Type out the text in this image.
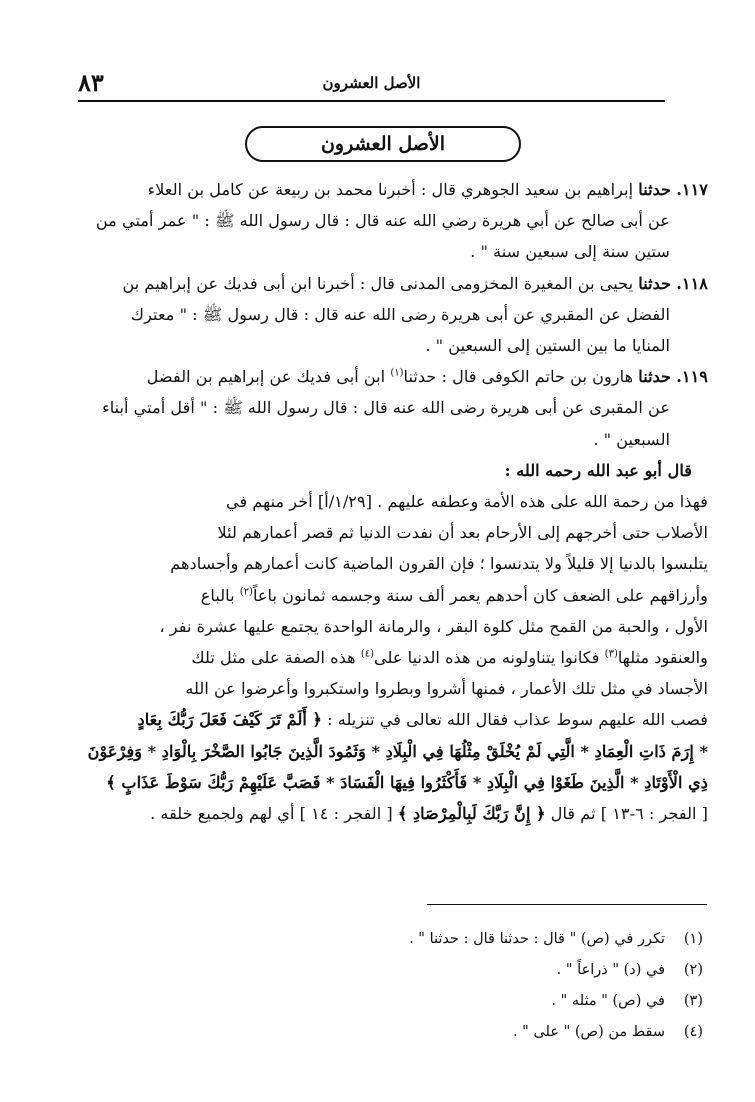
٨٣	الأصل العشرون
الأصل العشرون
١١٧. حدثنا إبراهيم بن سعيد الجوهري قال : أخبرنا محمد بن ربيعة عن كامل بن العلاء
عن أبى صالح عن أبي هريرة رضي الله عنه قال : قال رسول الله ﷺ : " عمر أمتي من
ستين سنة إلى سبعين سنة " .
١١٨. حدثنا يحيى بن المغيرة المخزومى المدنى قال : أخبرنا ابن أبى فديك عن إبراهيم بن
الفضل عن المقبري عن أبى هريرة رضى الله عنه قال : قال رسول ﷺ : " معترك
المنايا ما بين الستين إلى السبعين " .
١١٩. حدثنا هارون بن حاتم الكوفى قال : حدثنا$^{(١)}$ ابن أبى فديك عن إبراهيم بن الفضل
عن المقبرى عن أبى هريرة رضى الله عنه قال : قال رسول الله ﷺ : " أقل أمتي أبناء
السبعين " .
قال أبو عبد الله رحمه الله :
فهذا من رحمة الله على هذه الأمة وعطفه عليهم . [١/٢٩/أ] أخر منهم في
الأصلاب حتى أخرجهم إلى الأرحام بعد أن نفدت الدنيا ثم قصر أعمارهم لئلا
يتلبسوا بالدنيا إلا قليلاً ولا يتدنسوا ؛ فإن القرون الماضية كانت أعمارهم وأجسادهم
وأرزاقهم على الضعف كان أحدهم يعمر ألف سنة وجسمه ثمانون باعاً$^{(٢)}$ بالباع
الأول ، والحبة من القمح مثل كلوة البقر ، والرمانة الواحدة يجتمع عليها عشرة نفر ،
والعنقود مثلها$^{(٣)}$ فكانوا يتناولونه من هذه الدنيا على$^{(٤)}$ هذه الصفة على مثل تلك
الأجساد في مثل تلك الأعمار ، فمنها أشروا وبطروا واستكبروا وأعرضوا عن الله
فصب الله عليهم سوط عذاب فقال الله تعالى في تنزيله : ﴿ أَلَمْ تَرَ كَيْفَ فَعَلَ رَبُّكَ بِعَادٍ
* إِرَمَ ذَاتِ الْعِمَادِ * الَّتِي لَمْ يُخْلَقْ مِثْلُهَا فِي الْبِلَادِ * وَثَمُودَ الَّذِينَ جَابُوا الصَّخْرَ بِالْوَادِ * وَفِرْعَوْنَ
ذِي الْأَوْتَادِ * الَّذِينَ طَغَوْا فِي الْبِلَادِ * فَأَكْثَرُوا فِيهَا الْفَسَادَ * فَصَبَّ عَلَيْهِمْ رَبُّكَ سَوْطَ عَذَابٍ ﴾
[ الفجر : ٦-١٣ ] ثم قال ﴿ إِنَّ رَبَّكَ لَبِالْمِرْصَادِ ﴾ [ الفجر : ١٤ ] أي لهم ولجميع خلقه .
(١)تكرر في (ص) " قال : حدثنا قال : حدثنا " .
(٢)في (د) " ذراعاً " .
(٣)في (ص) " مثله " .
(٤)سقط من (ص) " على " .
